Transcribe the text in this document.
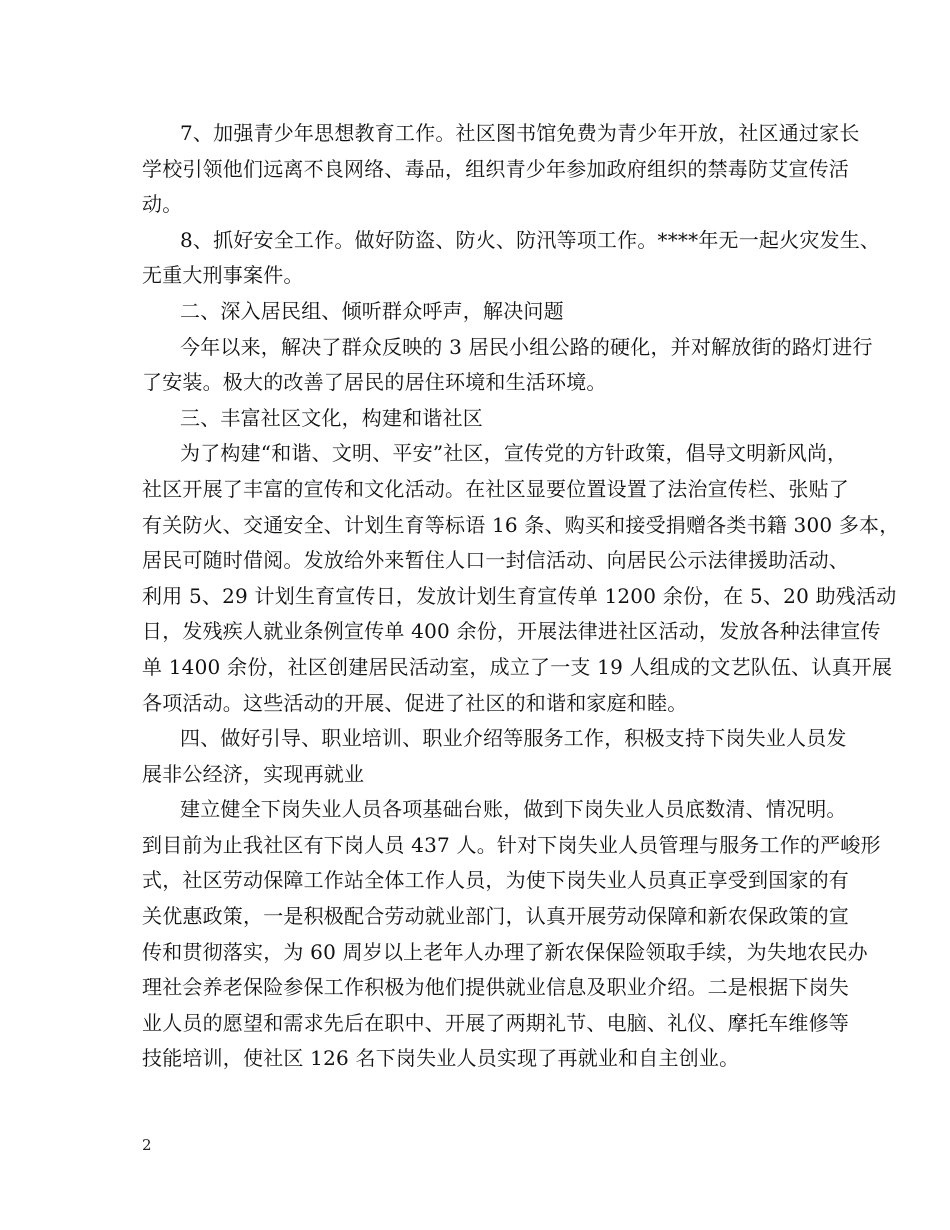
7、加强青少年思想教育工作。社区图书馆免费为青少年开放，社区通过家长
学校引领他们远离不良网络、毒品，组织青少年参加政府组织的禁毒防艾宣传活
动。
8、抓好安全工作。做好防盗、防火、防汛等项工作。****年无一起火灾发生、
无重大刑事案件。
二、深入居民组、倾听群众呼声，解决问题
今年以来，解决了群众反映的 3 居民小组公路的硬化，并对解放街的路灯进行
了安装。极大的改善了居民的居住环境和生活环境。
三、丰富社区文化，构建和谐社区
为了构建“和谐、文明、平安”社区，宣传党的方针政策，倡导文明新风尚，
社区开展了丰富的宣传和文化活动。在社区显要位置设置了法治宣传栏、张贴了
有关防火、交通安全、计划生育等标语 16 条、购买和接受捐赠各类书籍 300 多本，
居民可随时借阅。发放给外来暂住人口一封信活动、向居民公示法律援助活动、
利用 5、29 计划生育宣传日，发放计划生育宣传单 1200 余份，在 5、20 助残活动
日，发残疾人就业条例宣传单 400 余份，开展法律进社区活动，发放各种法律宣传
单 1400 余份，社区创建居民活动室，成立了一支 19 人组成的文艺队伍、认真开展
各项活动。这些活动的开展、促进了社区的和谐和家庭和睦。
四、做好引导、职业培训、职业介绍等服务工作，积极支持下岗失业人员发
展非公经济，实现再就业
建立健全下岗失业人员各项基础台账，做到下岗失业人员底数清、情况明。
到目前为止我社区有下岗人员 437 人。针对下岗失业人员管理与服务工作的严峻形
式，社区劳动保障工作站全体工作人员，为使下岗失业人员真正享受到国家的有
关优惠政策，一是积极配合劳动就业部门，认真开展劳动保障和新农保政策的宣
传和贯彻落实，为 60 周岁以上老年人办理了新农保保险领取手续，为失地农民办
理社会养老保险参保工作积极为他们提供就业信息及职业介绍。二是根据下岗失
业人员的愿望和需求先后在职中、开展了两期礼节、电脑、礼仪、摩托车维修等
技能培训，使社区 126 名下岗失业人员实现了再就业和自主创业。
2
